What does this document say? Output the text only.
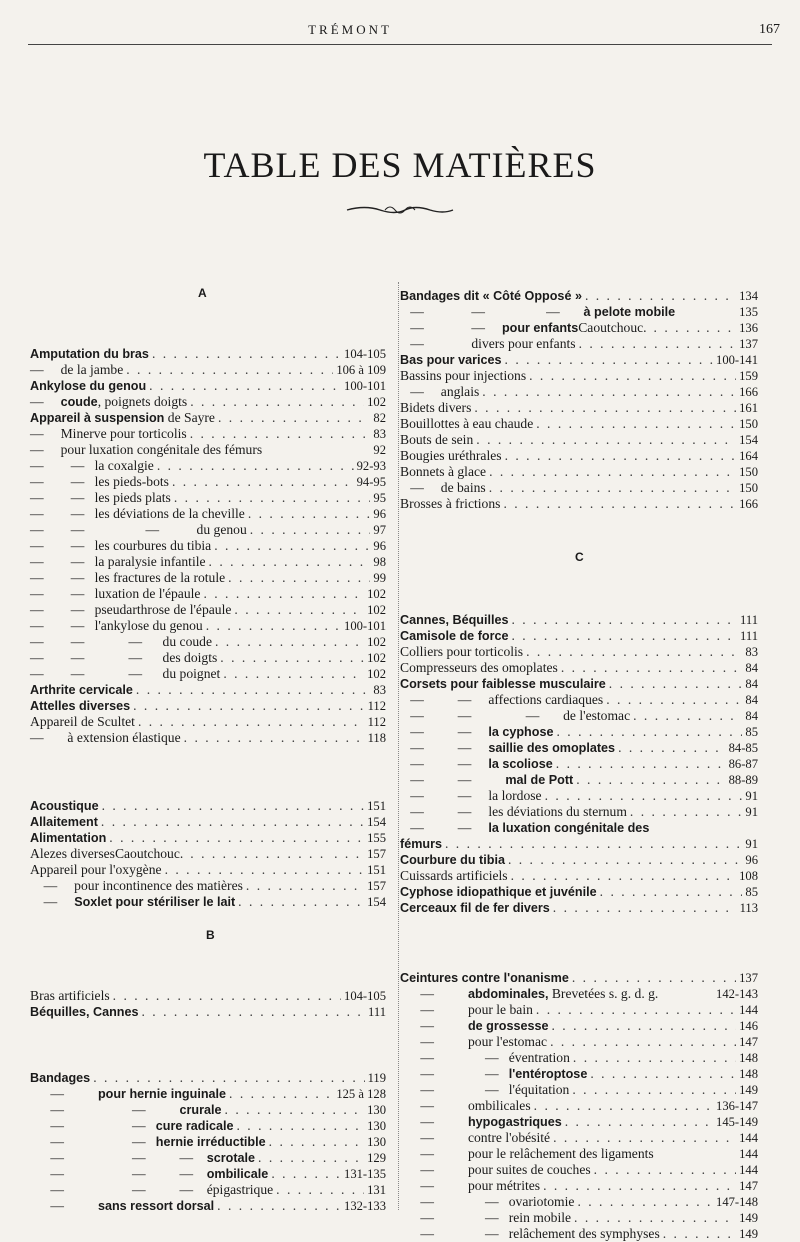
TRÉMONT	167
TABLE DES MATIÈRES
A
Amputation du bras . . .	104-105
—     de la jambe . . .	106 à 109
Ankylose du genou . . .	100-101
— coude , poignets doigts . . .	102
Appareil à suspension de Sayre . . .	82
—     Minerve pour torticolis . . .	83
—     pour luxation congénitale des fémurs	92
—        —   la coxalgie . . .	92-93
—        —   les pieds-bots . . .	94-95
—        —   les pieds plats . . .	95
—        —   les déviations de la cheville . . .	96
—        —                  —           du genou . . .	97
—        —   les courbures du tibia . . .	96
—        —   la paralysie infantile . . .	98
—        —   les fractures de la rotule . . .	99
—        —   luxation de l'épaule . . .	102
—        —   pseudarthrose de l'épaule . . .	102
—        —   l'ankylose du genou . . .	100-101
—        —             —      du coude . . .	102
—        —             —      des doigts . . .	102
—        —             —      du poignet . . .	102
Arthrite cervicale . . .	83
Attelles diverses . . .	112
Appareil de Scultet . . .	112
—       à extension élastique . . .	118
Acoustique . . .	151
Allaitement . . .	154
Alimentation . . .	155
Alezes diverses Caoutchouc. . . . . . .	157
Appareil pour l'oxygène . . .	151
—     pour incontinence des matières . . .	157
— Soxlet pour stériliser le lait . . .	154
B
Bras artificiels . . .	104-105
Béquilles, Cannes . . .	111
Bandages . . .	119
— pour hernie inguinale . . .	125 à 128
—                    — crurale . . .	130
—                    — cure radicale . . .	130
—                    — hernie irréductible . . .	130
—                    —          — scrotale . . .	129
—                    —          — ombilicale . . .	131-135
—                    —          —    épigastrique . . .	131
— sans ressort dorsal . . .	132-133
Bandages dit « Côté Opposé » . . .	134
—              —                  — à pelote mobile	135
—              — pour enfants Caoutchouc. . . . . . .	136
—              divers pour enfants . . .	137
Bas pour varices . . .	100-141
Bassins pour injections . . .	159
—     anglais . . .	166
Bidets divers . . .	161
Bouillottes à eau chaude . . .	150
Bouts de sein . . .	154
Bougies uréthrales . . .	164
Bonnets à glace . . .	150
—     de bains . . .	150
Brosses à frictions . . .	166
C
Cannes, Béquilles . . .	111
Camisole de force . . .	111
Colliers pour torticolis . . .	83
Compresseurs des omoplates . . .	84
Corsets pour faiblesse musculaire . . .	84
—          —     affections cardiaques . . .	84
—          —                —       de l'estomac . . .	84
—          — la cyphose . . .	85
—          — saillie des omoplates . . .	84-85
—          — la scoliose . . .	86-87
—          — mal de Pott . . .	88-89
—          —     la lordose . . .	91
—          —     les déviations du sternum . . .	91
—          — la luxation congénitale des
fémurs . . .	91
Courbure du tibia . . .	96
Cuissards artificiels . . .	108
Cyphose idiopathique et juvénile . . .	85
Cerceaux fil de fer divers . . .	113
Ceintures contre l'onanisme . . .	137
— abdominales, Brevetées s. g. d. g.	142-143
—          pour le bain . . .	144
— de grossesse . . .	146
—          pour l'estomac . . .	147
—               —   éventration . . .	148
—               — l'entéroptose . . .	148
—               —   l'équitation . . .	149
—          ombilicales . . .	136-147
— hypogastriques . . .	145-149
—          contre l'obésité . . .	144
—          pour le relâchement des ligaments	144
—          pour suites de couches . . .	144
—          pour métrites . . .	147
—               —   ovariotomie . . .	147-148
—               —   rein mobile . . .	149
—               —   relâchement des symphyses . . .	149
